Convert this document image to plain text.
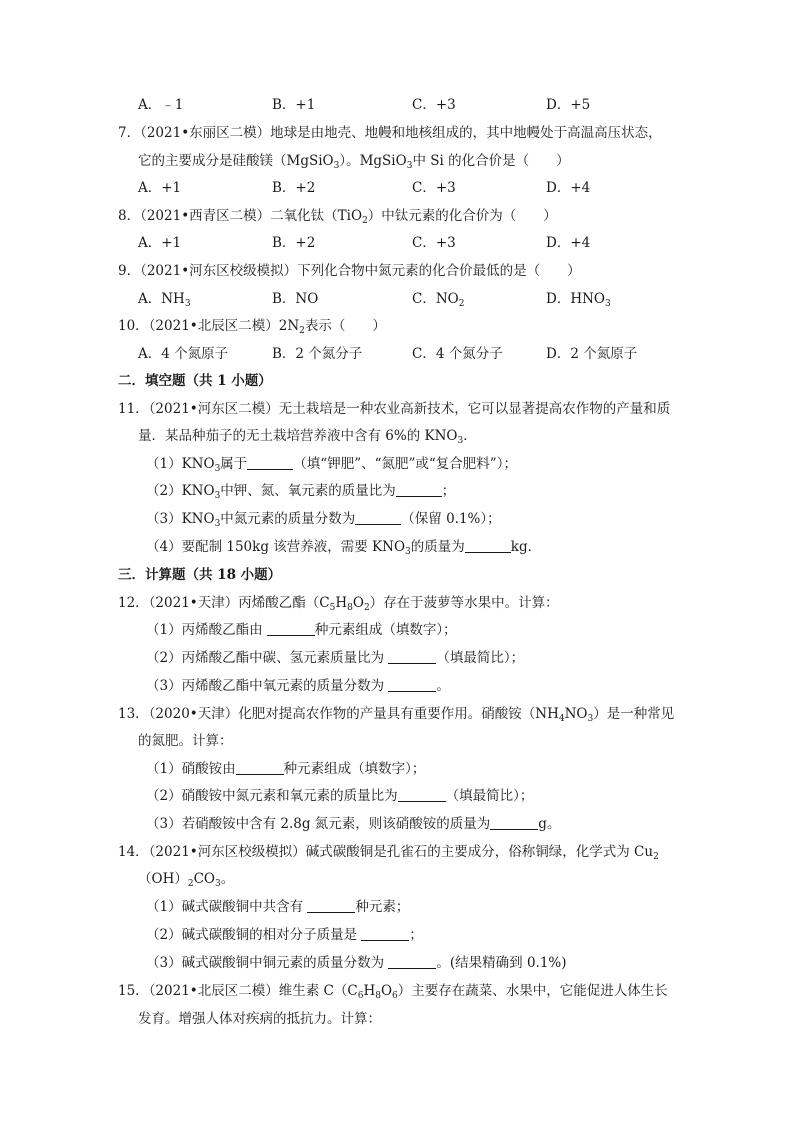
A．﹣1	B．+1	C．+3	D．+5
7．（2021•东丽区二模）地球是由地壳、地幔和地核组成的，其中地幔处于高温高压状态，
它的主要成分是硅酸镁（MgSiO$_3$）。MgSiO$_3$中 Si 的化合价是（　　）
A．+1	B．+2	C．+3	D．+4
8．（2021•西青区二模）二氧化钛（TiO$_2$）中钛元素的化合价为（　　）
A．+1	B．+2	C．+3	D．+4
9．（2021•河东区校级模拟）下列化合物中氮元素的化合价最低的是（　　）
A．$NH_3$	B．NO	C．$NO_2$	D．$HNO_3$
10．（2021•北辰区二模）$2N_2$表示（　　）
A．4 个氮原子	B．2 个氮分子	C．4 个氮分子	D．2 个氮原子
二．填空题（共 1 小题）
11．（2021•河东区二模）无土栽培是一种农业高新技术，它可以显著提高农作物的产量和质
量．某品种茄子的无土栽培营养液中含有 6%的 $KNO_3$．
$(1)KNO_3$属于	（填“钾肥”、“氮肥”或“复合肥料”）；
$(2)KNO_3$中钾、氮、氧元素的质量比为	；
$(3)KNO_3$中氮元素的质量分数为	（保留 0.1%）；
（4）要配制 150kg 该营养液，需要 $KNO_3$的质量为	kg．
三．计算题（共 18 小题）
12．（2021•天津）丙烯酸乙酯$(C_5H_8O_2)$存在于菠萝等水果中。计算：
（1）丙烯酸乙酯由	种元素组成（填数字）；
（2）丙烯酸乙酯中碳、氢元素质量比为	（填最简比）；
（3）丙烯酸乙酯中氧元素的质量分数为	。
13．（2020•天津）化肥对提高农作物的产量具有重要作用。硝酸铵$(NH_4NO_3)$是一种常见
的氮肥。计算：
（1）硝酸铵由	种元素组成（填数字）；
（2）硝酸铵中氮元素和氧元素的质量比为	（填最简比）；
（3）若硝酸铵中含有 2.8g 氮元素，则该硝酸铵的质量为	g。
14．（2021•河东区校级模拟）碱式碳酸铜是孔雀石的主要成分，俗称铜绿，化学式为 $Cu_2$
$(OH)_2CO_3$。
（1）碱式碳酸铜中共含有	种元素；
（2）碱式碳酸铜的相对分子质量是	；
（3）碱式碳酸铜中铜元素的质量分数为	。(结果精确到 0.1%)
15．（2021•北辰区二模）维生素 $C(C_6H_8O_6)$主要存在蔬菜、水果中，它能促进人体生长
发育。增强人体对疾病的抵抗力。计算：
